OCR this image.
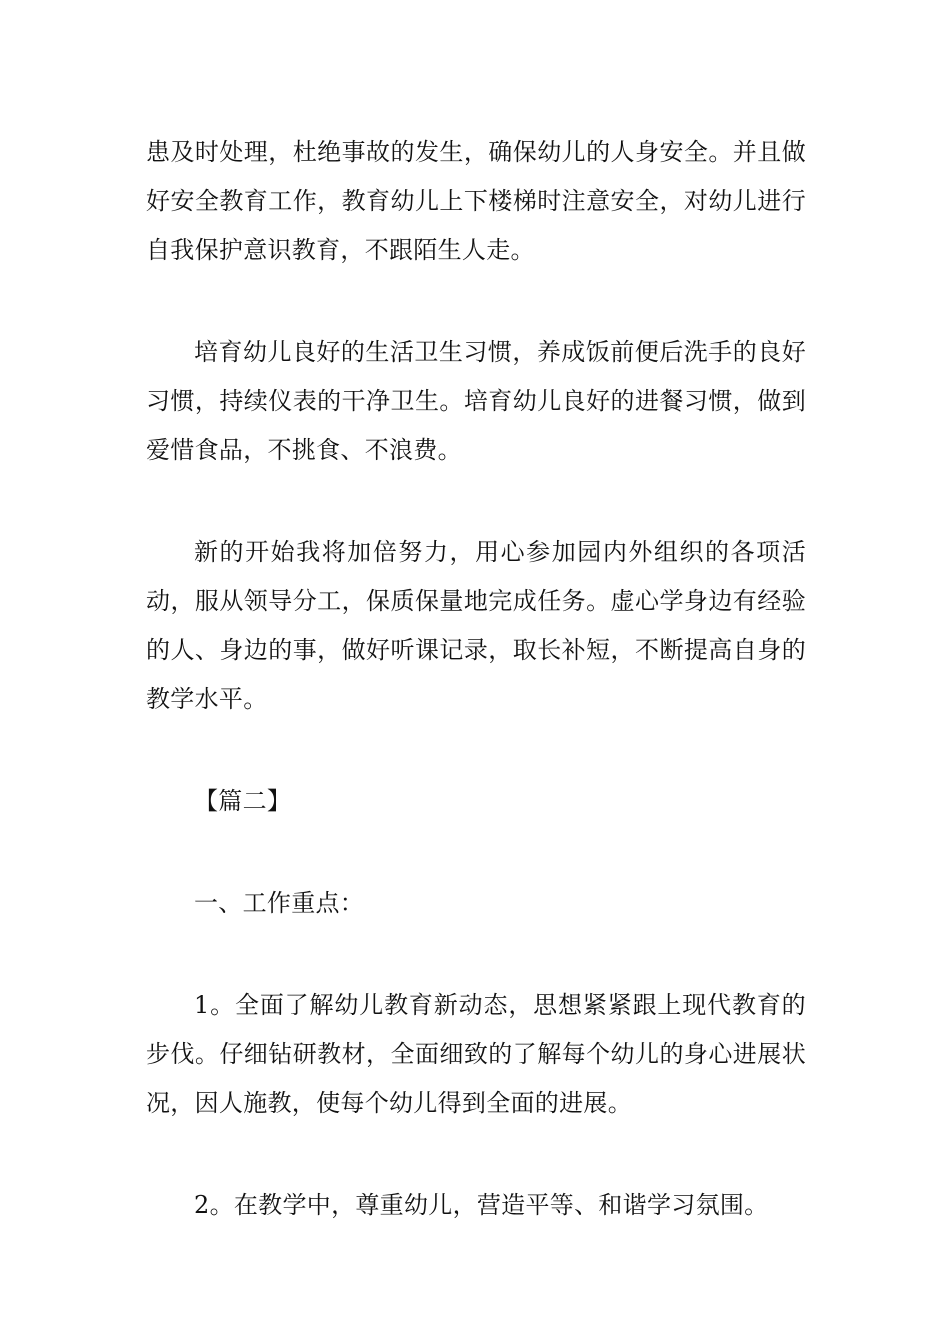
患及时处理，杜绝事故的发生，确保幼儿的人身安全。并且做好安全教育工作，教育幼儿上下楼梯时注意安全，对幼儿进行自我保护意识教育，不跟陌生人走。

培育幼儿良好的生活卫生习惯，养成饭前便后洗手的良好习惯，持续仪表的干净卫生。培育幼儿良好的进餐习惯，做到爱惜食品，不挑食、不浪费。

新的开始我将加倍努力，用心参加园内外组织的各项活动，服从领导分工，保质保量地完成任务。虚心学身边有经验的人、身边的事，做好听课记录，取长补短，不断提高自身的教学水平。

【篇二】

一、工作重点：

1。全面了解幼儿教育新动态，思想紧紧跟上现代教育的步伐。仔细钻研教材，全面细致的了解每个幼儿的身心进展状况，因人施教，使每个幼儿得到全面的进展。

2。在教学中，尊重幼儿，营造平等、和谐学习氛围。
